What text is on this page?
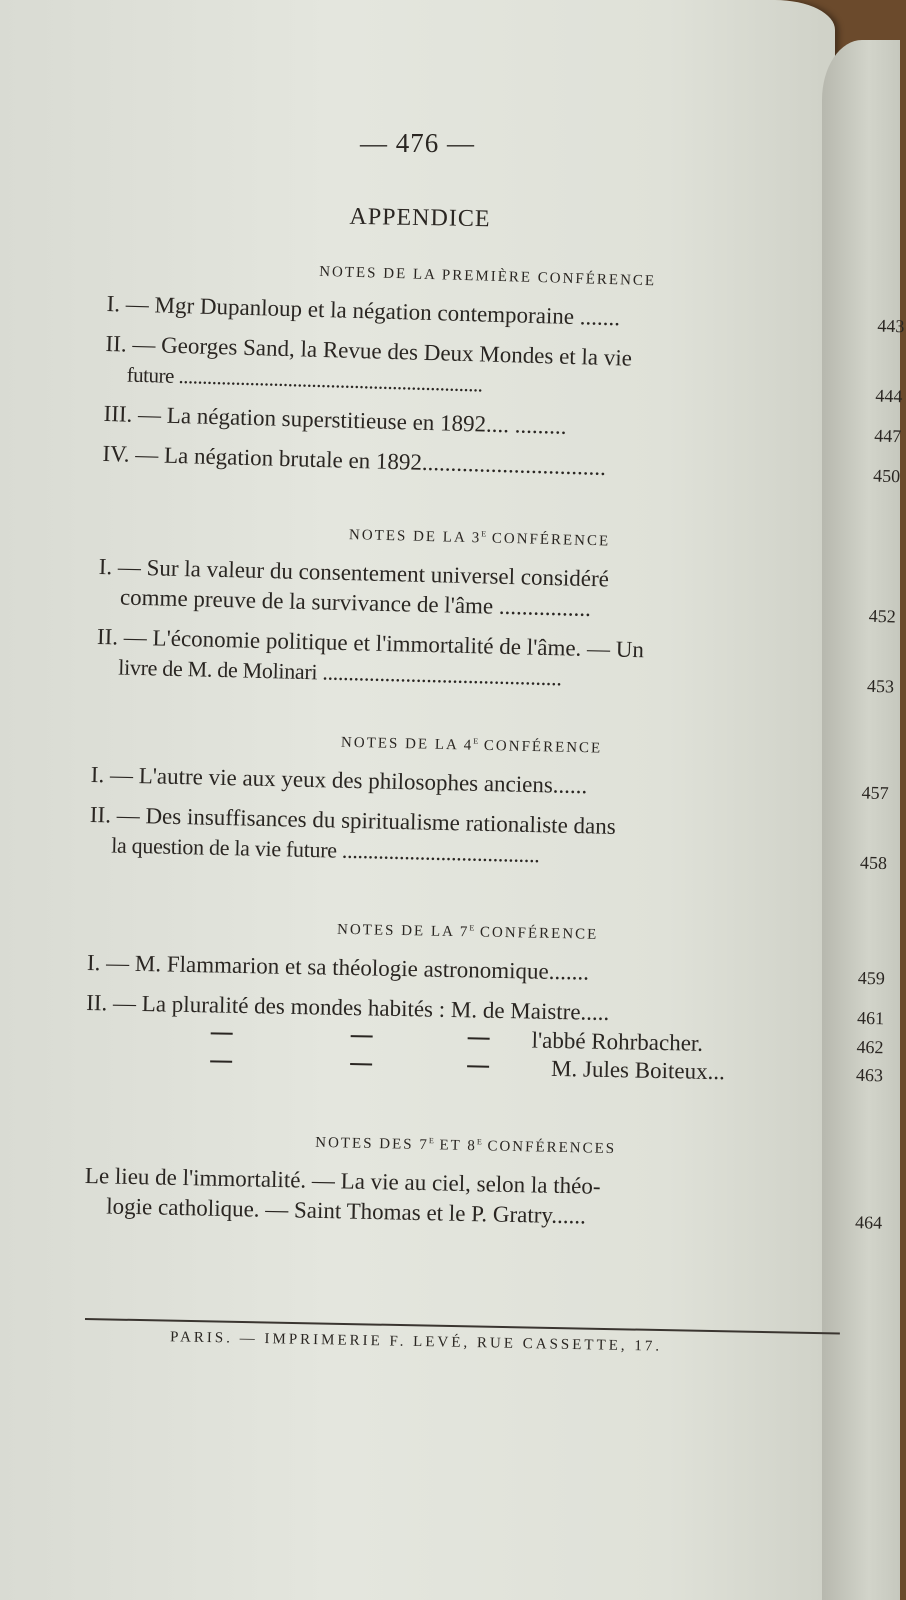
— 476 —
APPENDICE
NOTES DE LA PREMIÈRE CONFÉRENCE
I. — Mgr Dupanloup et la négation contemporaine .......	443
II. — Georges Sand, la Revue des Deux Mondes et la vie
future ................................................................	444
III. — La négation superstitieuse en 1892.... .........	447
IV. — La négation brutale en 1892................................	450
NOTES DE LA 3e CONFÉRENCE
I. — Sur la valeur du consentement universel considéré
comme preuve de la survivance de l'âme ................	452
II. — L'économie politique et l'immortalité de l'âme. — Un
livre de M. de Molinari ..............................................	453
NOTES DE LA 4e CONFÉRENCE
I. — L'autre vie aux yeux des philosophes anciens......	457
II. — Des insuffisances du spiritualisme rationaliste dans
la question de la vie future ......................................	458
NOTES DE LA 7e CONFÉRENCE
I. — M. Flammarion et sa théologie astronomique.......	459
II. — La pluralité des mondes habités : M. de Maistre.....	461
l'abbé Rohrbacher.	462
M. Jules Boiteux...	463
NOTES DES 7e ET 8e CONFÉRENCES
Le lieu de l'immortalité. — La vie au ciel, selon la théo-
logie catholique. — Saint Thomas et le P. Gratry......	464
PARIS. — IMPRIMERIE F. LEVÉ, RUE CASSETTE, 17.
